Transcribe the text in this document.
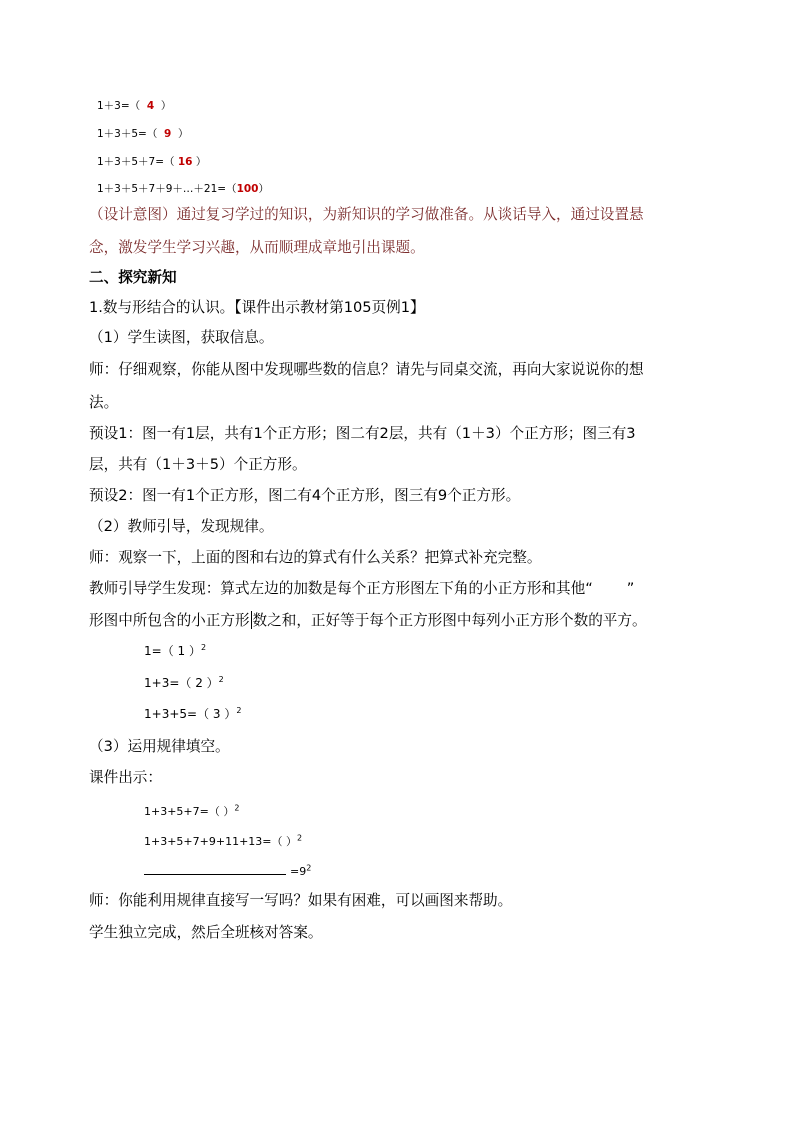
1＋3=（ 4 ）
1＋3＋5=（ 9 ）
1＋3＋5＋7=（ 16 ）
1＋3＋5＋7＋9＋…＋21=（100）
（设计意图）通过复习学过的知识，为新知识的学习做准备。从谈话导入，通过设置悬
念，激发学生学习兴趣，从而顺理成章地引出课题。
二、探究新知
1.数与形结合的认识。【课件出示教材第105页例1】
（1）学生读图，获取信息。
师：仔细观察，你能从图中发现哪些数的信息？请先与同桌交流，再向大家说说你的想
法。
预设1：图一有1层，共有1个正方形；图二有2层，共有（1＋3）个正方形；图三有3
层，共有（1＋3＋5）个正方形。
预设2：图一有1个正方形，图二有4个正方形，图三有9个正方形。
（2）教师引导，发现规律。
师：观察一下，上面的图和右边的算式有什么关系？把算式补充完整。
教师引导学生发现：算式左边的加数是每个正方形图左下角的小正方形和其他“ ”
形图中所包含的小正方形 数之和，正好等于每个正方形图中每列小正方形个数的平方。
1=（ 1 ）$^2$
1+3=（ 2 ）$^2$
1+3+5=（ 3 ）$^2$
（3）运用规律填空。
课件出示：
1+3+5+7=（ ）$^2$
1+3+5+7+9+11+13=（ ）$^2$
$=9^2$
师：你能利用规律直接写一写吗？如果有困难，可以画图来帮助。
学生独立完成，然后全班核对答案。
